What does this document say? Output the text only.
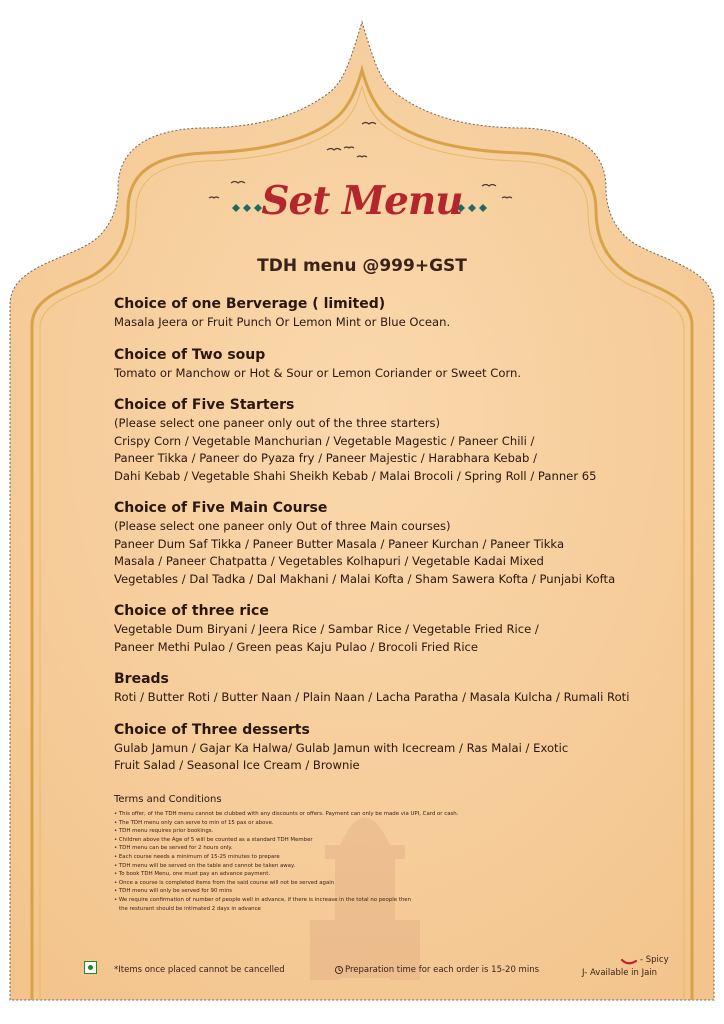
Set Menu
TDH menu @999+GST
Choice of one Berverage ( limited)
Masala Jeera or Fruit Punch Or Lemon Mint or Blue Ocean.
Choice of Two soup
Tomato or Manchow or Hot & Sour or Lemon Coriander or Sweet Corn.
Choice of Five Starters
(Please select one paneer only out of the three starters)
Crispy Corn / Vegetable Manchurian / Vegetable Magestic / Paneer Chili /
Paneer Tikka / Paneer do Pyaza fry / Paneer Majestic / Harabhara Kebab /
Dahi Kebab / Vegetable Shahi Sheikh Kebab / Malai Brocoli / Spring Roll / Panner 65
Choice of Five Main Course
(Please select one paneer only Out of three Main courses)
Paneer Dum Saf Tikka / Paneer Butter Masala / Paneer Kurchan / Paneer Tikka
Masala / Paneer Chatpatta / Vegetables Kolhapuri / Vegetable Kadai Mixed
Vegetables / Dal Tadka / Dal Makhani / Malai Kofta / Sham Sawera Kofta / Punjabi Kofta
Choice of three rice
Vegetable Dum Biryani / Jeera Rice / Sambar Rice / Vegetable Fried Rice /
Paneer Methi Pulao / Green peas Kaju Pulao / Brocoli Fried Rice
Breads
Roti / Butter Roti / Butter Naan / Plain Naan / Lacha Paratha / Masala Kulcha / Rumali Roti
Choice of Three desserts
Gulab Jamun / Gajar Ka Halwa/ Gulab Jamun with Icecream / Ras Malai / Exotic
Fruit Salad / Seasonal Ice Cream / Brownie
Terms and Conditions
• This offer, of the TDH menu cannot be clubbed with any discounts or offers. Payment can only be made via UPI, Card or cash.
• The TDH menu only can serve to min of 15 pax or above.
• TDH menu requires prior bookings.
• Children above the Age of 5 will be counted as a standard TDH Member
• TDH menu can be served for 2 hours only.
• Each course needs a minimum of 15-25 minutes to prepare
• TDH menu will be served on the table and cannot be taken away.
• To book TDH Menu, one must pay an advance payment.
• Once a course is completed items from the said course will not be served again
• TDH menu will only be served for 90 mins
• We require confirmation of number of people well in advance, if there is increase in the total no people then
the resturant should be intimated 2 days in advance
*Items once placed cannot be cancelled	Preparation time for each order is 15-20 mins
- Spicy
J- Available in Jain
